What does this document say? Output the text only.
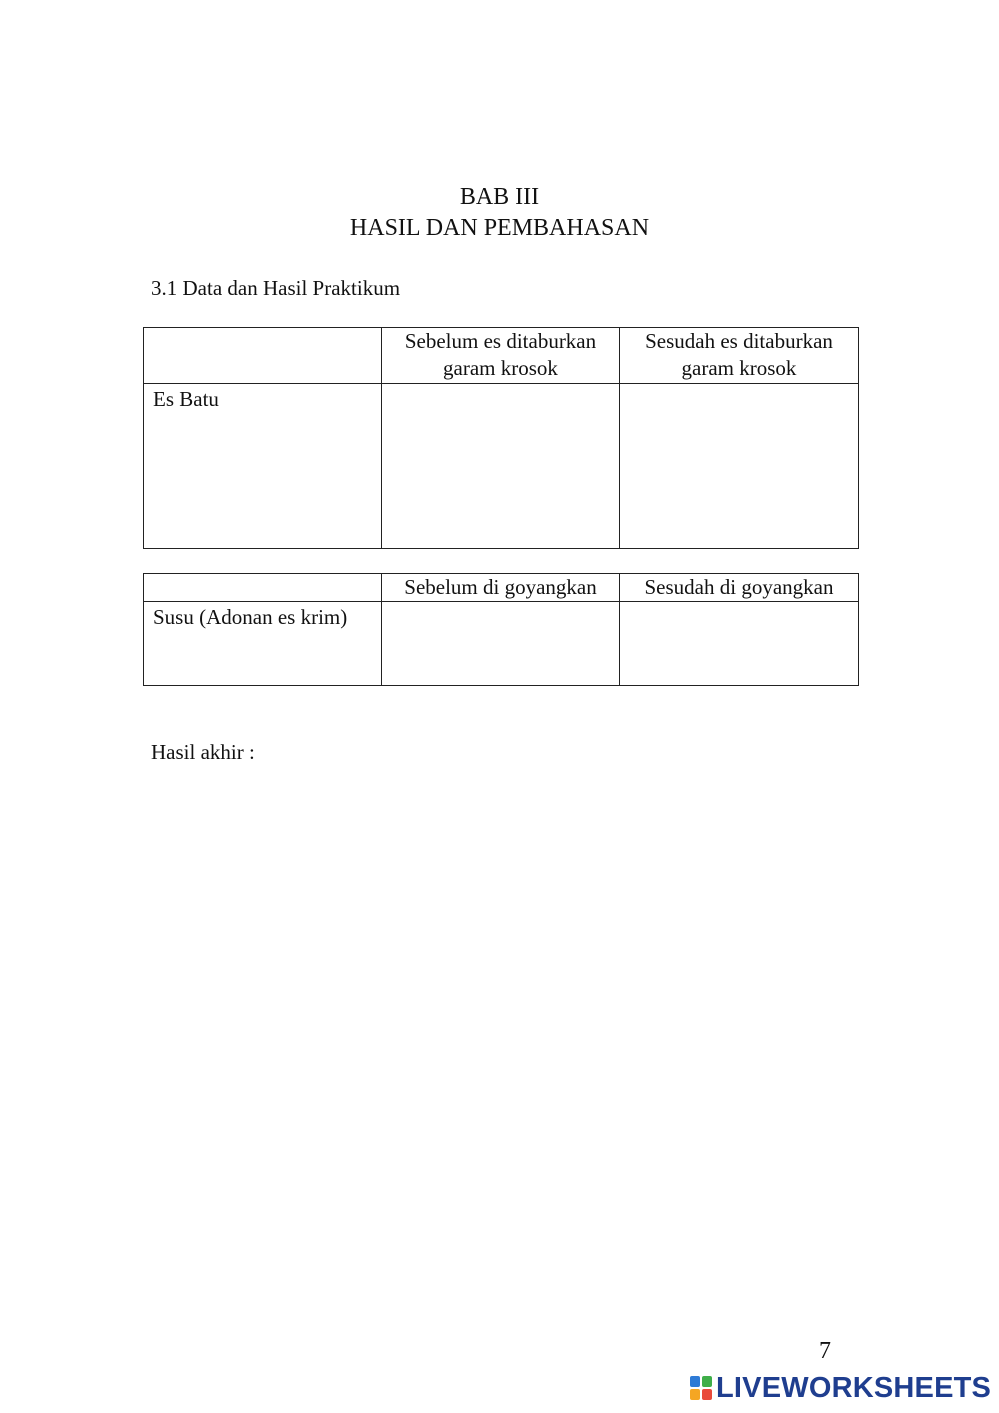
BAB III
HASIL DAN PEMBAHASAN
3.1 Data dan Hasil Praktikum
	Sebelum es ditaburkan garam krosok	Sesudah es ditaburkan garam krosok
Es Batu		
	Sebelum di goyangkan	Sesudah di goyangkan
Susu (Adonan es krim)		
Hasil akhir :
7
LIVEWORKSHEETS
